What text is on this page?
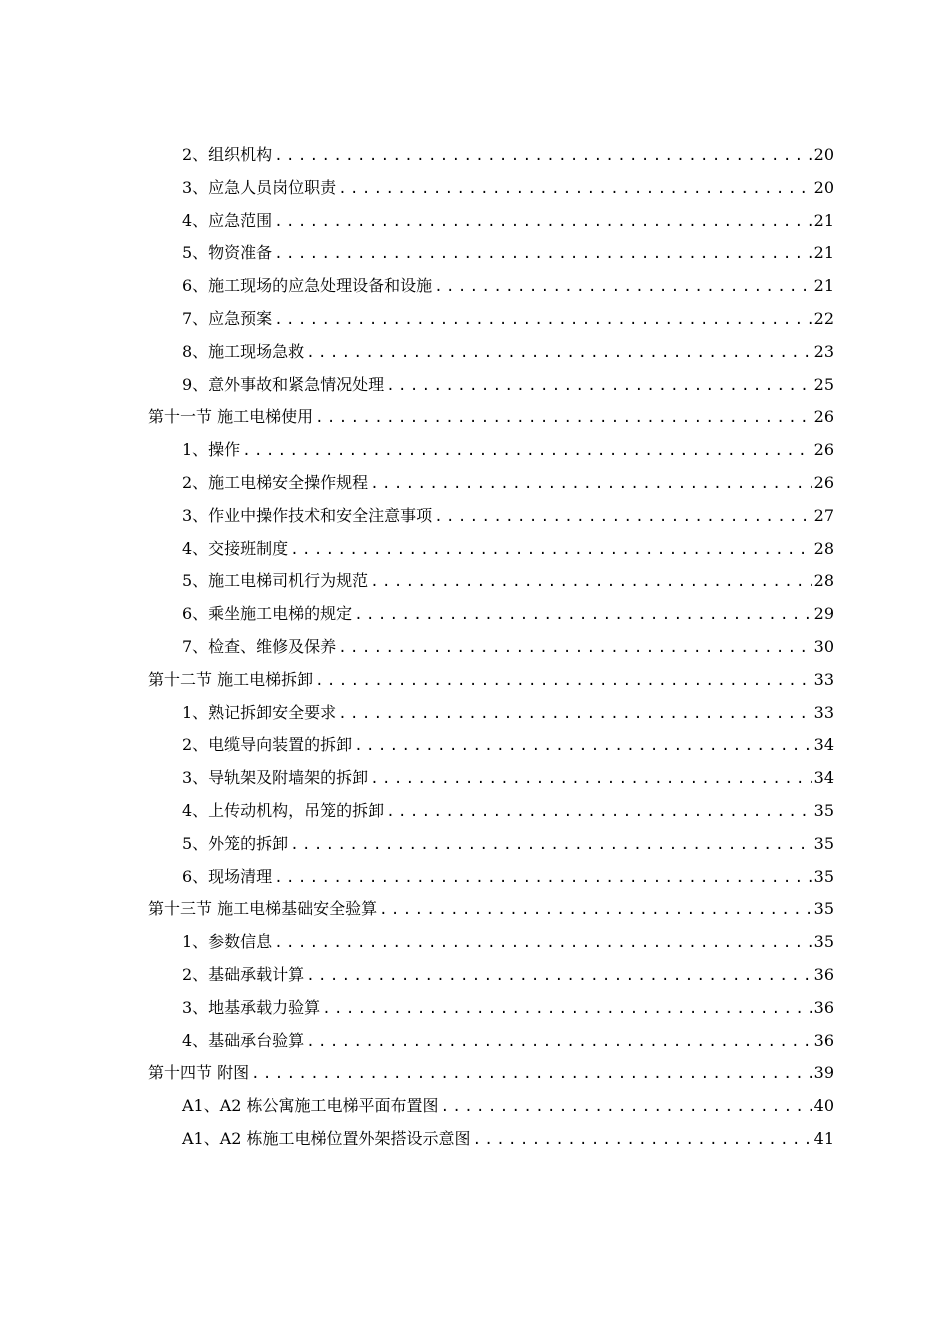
2、组织机构 .....	20
3、应急人员岗位职责 .....	20
4、应急范围 .....	21
5、物资准备 .....	21
6、施工现场的应急处理设备和设施 .....	21
7、应急预案 .....	22
8、施工现场急救 .....	23
9、意外事故和紧急情况处理 .....	25
第十一节 施工电梯使用 .....	26
1、操作 .....	26
2、施工电梯安全操作规程 .....	26
3、作业中操作技术和安全注意事项 .....	27
4、交接班制度 .....	28
5、施工电梯司机行为规范 .....	28
6、乘坐施工电梯的规定 .....	29
7、检查、维修及保养 .....	30
第十二节 施工电梯拆卸 .....	33
1、熟记拆卸安全要求 .....	33
2、电缆导向装置的拆卸 .....	34
3、导轨架及附墙架的拆卸 .....	34
4、上传动机构，吊笼的拆卸 .....	35
5、外笼的拆卸 .....	35
6、现场清理 .....	35
第十三节 施工电梯基础安全验算 .....	35
1、参数信息 .....	35
2、基础承载计算 .....	36
3、地基承载力验算 .....	36
4、基础承台验算 .....	36
第十四节 附图 .....	39
A1、A2 栋公寓施工电梯平面布置图 .....	40
A1、A2 栋施工电梯位置外架搭设示意图 .....	41
